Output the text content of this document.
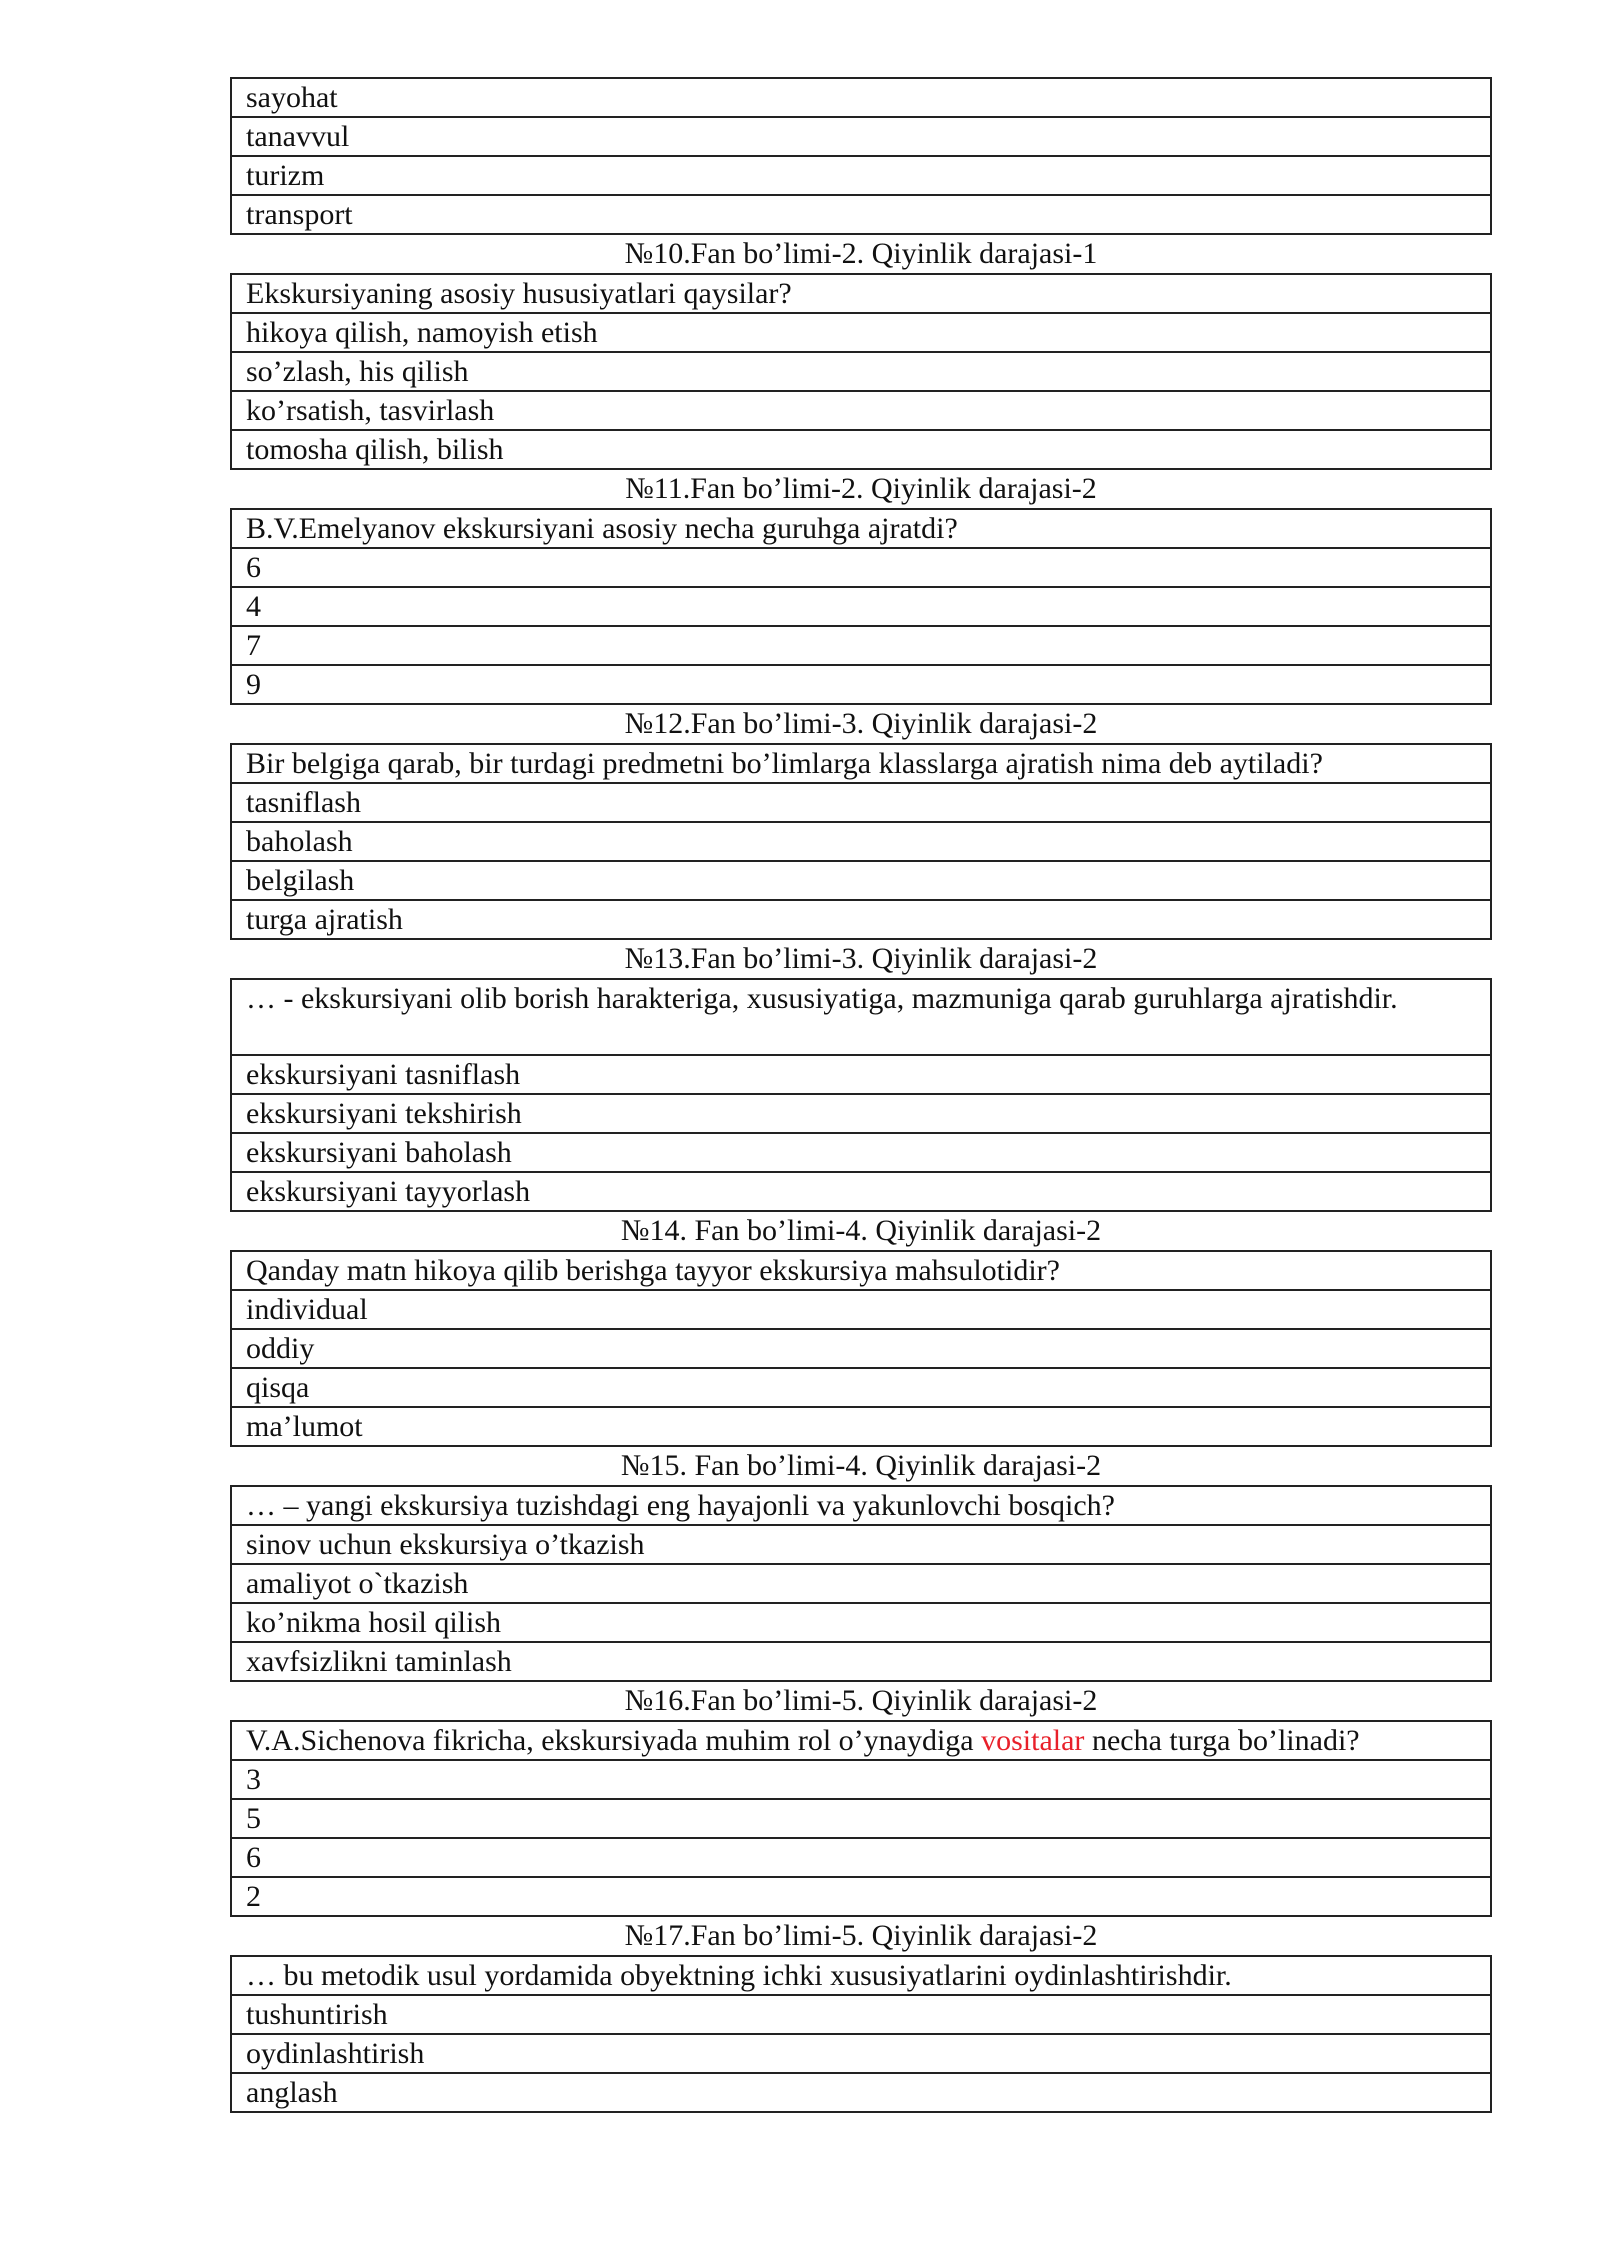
sayohat
tanavvul
turizm
transport
№10.Fan bo’limi-2. Qiyinlik darajasi-1
Ekskursiyaning asosiy hususiyatlari qaysilar?
hikoya qilish, namoyish etish
so’zlash, his qilish
ko’rsatish, tasvirlash
tomosha qilish, bilish
№11.Fan bo’limi-2. Qiyinlik darajasi-2
B.V.Emelyanov ekskursiyani asosiy necha guruhga ajratdi?
6
4
7
9
№12.Fan bo’limi-3. Qiyinlik darajasi-2
Bir belgiga qarab, bir turdagi predmetni bo’limlarga klasslarga ajratish nima deb aytiladi?
tasniflash
baholash
belgilash
turga ajratish
№13.Fan bo’limi-3. Qiyinlik darajasi-2
… - ekskursiyani olib borish harakteriga, xususiyatiga, mazmuniga qarab guruhlarga ajratishdir.
ekskursiyani tasniflash
ekskursiyani tekshirish
ekskursiyani baholash
ekskursiyani tayyorlash
№14. Fan bo’limi-4. Qiyinlik darajasi-2
Qanday matn hikoya qilib berishga tayyor ekskursiya mahsulotidir?
individual
oddiy
qisqa
ma’lumot
№15. Fan bo’limi-4. Qiyinlik darajasi-2
… – yangi ekskursiya tuzishdagi eng hayajonli va yakunlovchi bosqich?
sinov uchun ekskursiya o’tkazish
amaliyot o`tkazish
ko’nikma hosil qilish
xavfsizlikni taminlash
№16.Fan bo’limi-5. Qiyinlik darajasi-2
V.A.Sichenova fikricha, ekskursiyada muhim rol o’ynaydiga vositalar necha turga bo’linadi?
3
5
6
2
№17.Fan bo’limi-5. Qiyinlik darajasi-2
… bu metodik usul yordamida obyektning ichki xususiyatlarini oydinlashtirishdir.
tushuntirish
oydinlashtirish
anglash
